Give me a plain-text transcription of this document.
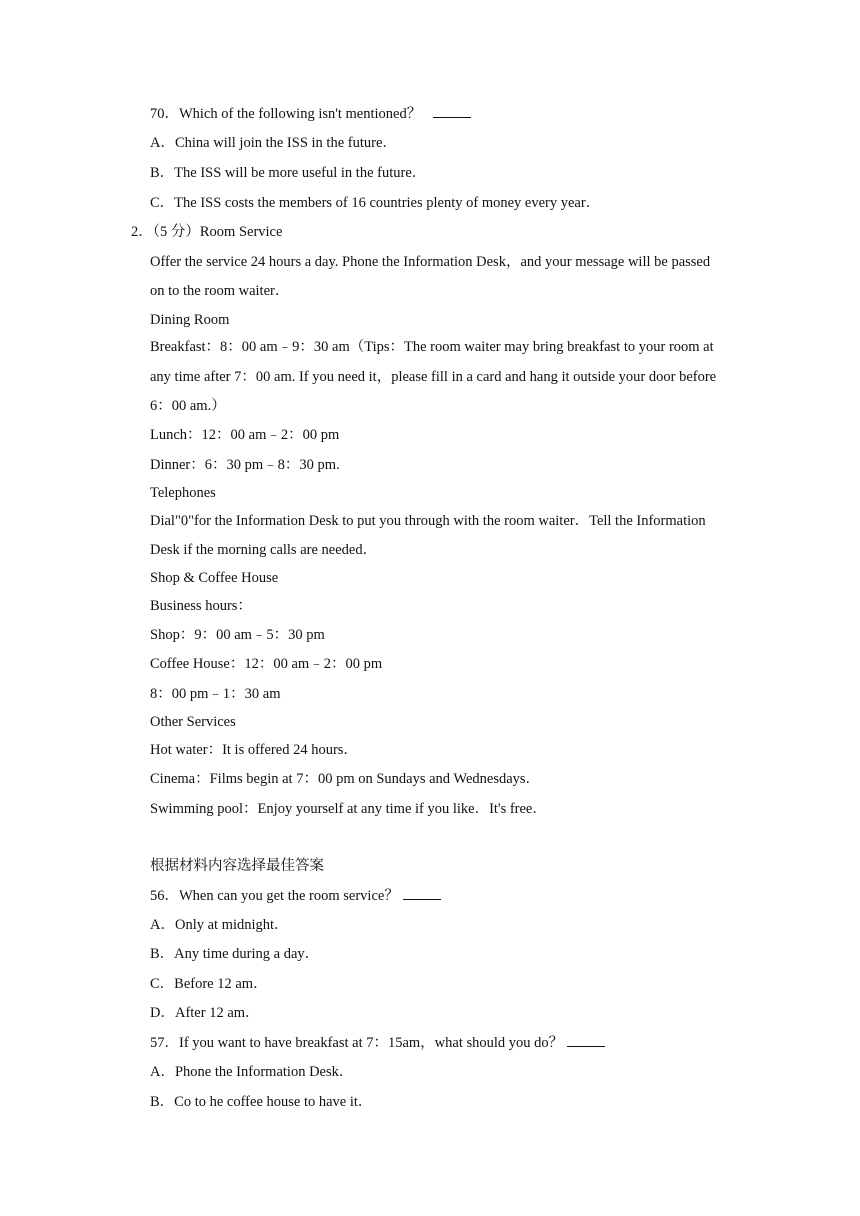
70．Which of the following isn't mentioned？
A．China will join the ISS in the future．
B．The ISS will be more useful in the future．
C．The ISS costs the members of 16 countries plenty of money every year．
2．（5 分）Room Service
Offer the service 24 hours a day. Phone the Information Desk，and your message will be passed
on to the room waiter．
Dining Room
Breakfast：8：00 am﹣9：30 am（Tips：The room waiter may bring breakfast to your room at
any time after 7：00 am. If you need it，please fill in a card and hang it outside your door before
6：00 am.）
Lunch：12：00 am﹣2：00 pm
Dinner：6：30 pm﹣8：30 pm.
Telephones
Dial"0"for the Information Desk to put you through with the room waiter．Tell the Information
Desk if the morning calls are needed．
Shop & Coffee House
Business hours：
Shop：9：00 am﹣5：30 pm
Coffee House：12：00 am﹣2：00 pm
8：00 pm﹣1：30 am
Other Services
Hot water：It is offered 24 hours．
Cinema：Films begin at 7：00 pm on Sundays and Wednesdays．
Swimming pool：Enjoy yourself at any time if you like．It's free．
根据材料内容选择最佳答案
56．When can you get the room service？
A．Only at midnight．
B．Any time during a day．
C．Before 12 am．
D．After 12 am．
57．If you want to have breakfast at 7：15am，what should you do？
A．Phone the Information Desk．
B．Co to he coffee house to have it．
